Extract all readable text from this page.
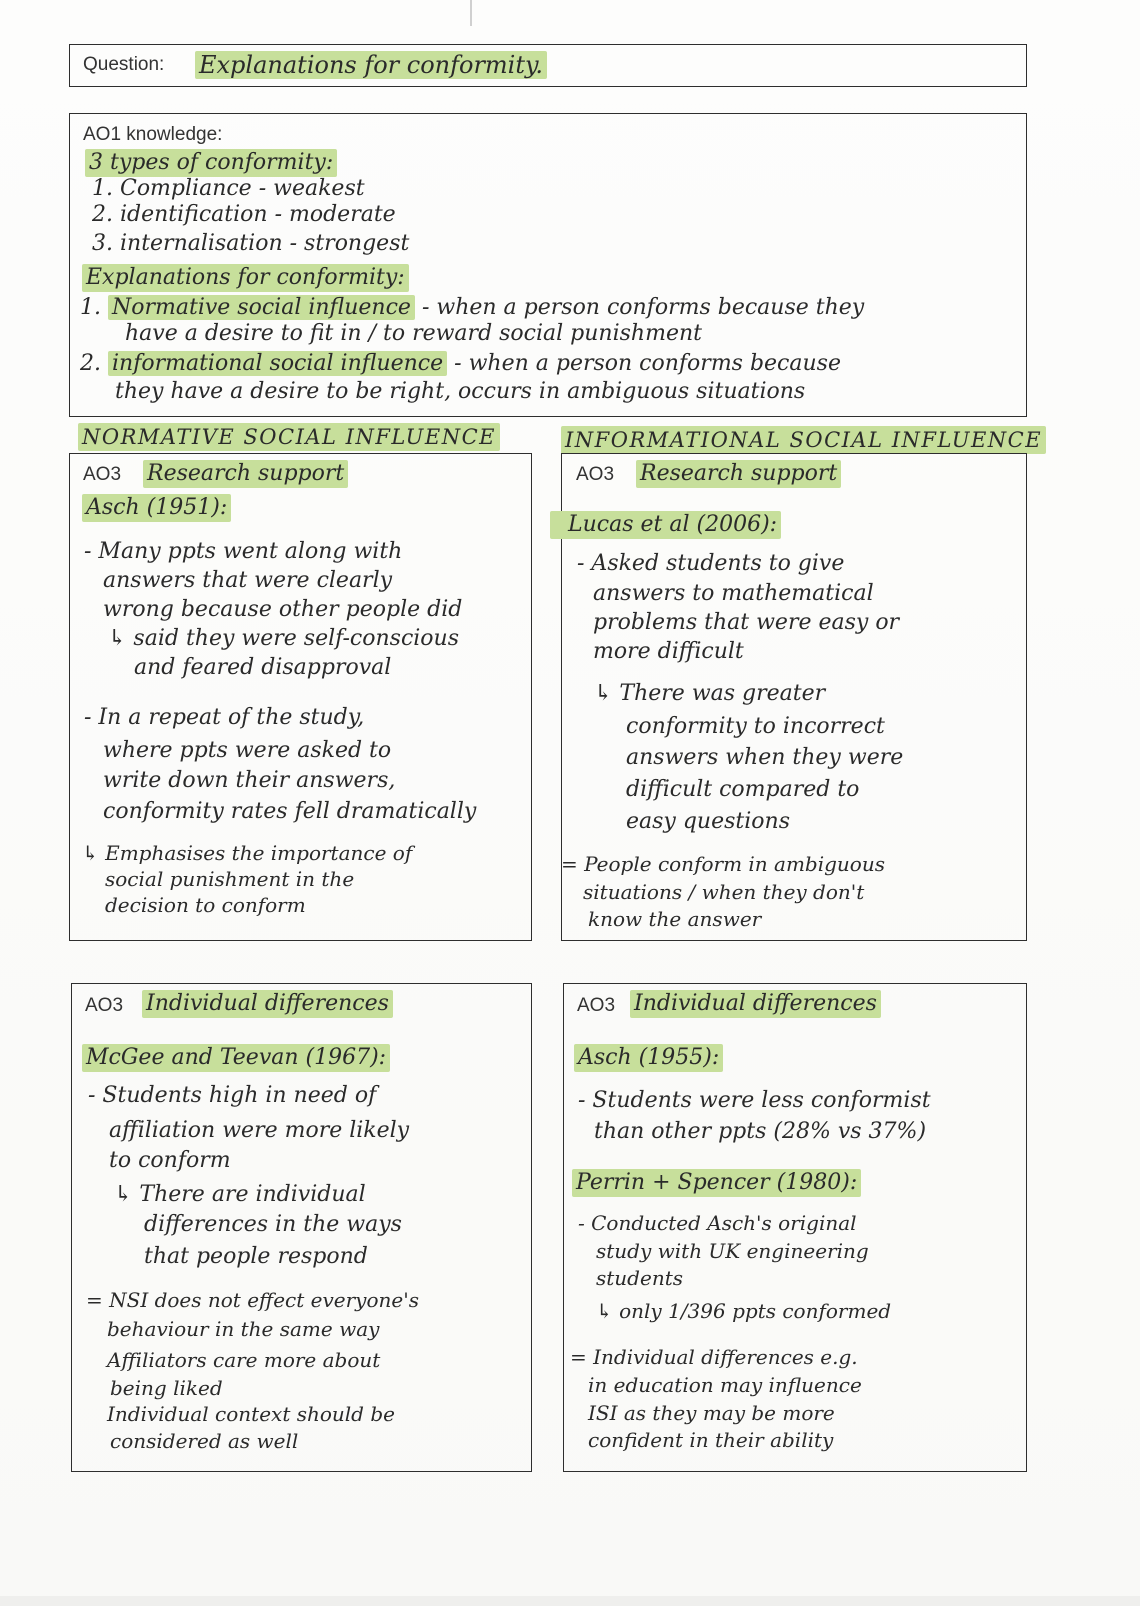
Question: Explanations for conformity.
AO1 knowledge:
3 types of conformity:
1. Compliance - weakest
2. identification - moderate
3. internalisation - strongest
Explanations for conformity:
1. Normative social influence - when a person conforms because they
have a desire to fit in / to reward social punishment
2. informational social influence - when a person conforms because
they have a desire to be right, occurs in ambiguous situations
NORMATIVE SOCIAL INFLUENCE	INFORMATIONAL SOCIAL INFLUENCE
AO3 Research support
Asch (1951):
- Many ppts went along with
answers that were clearly
wrong because other people did
↳ said they were self-conscious
and feared disapproval
- In a repeat of the study,
where ppts were asked to
write down their answers,
conformity rates fell dramatically
↳ Emphasises the importance of
social punishment in the
decision to conform
AO3 Research support
Lucas et al (2006):
- Asked students to give
answers to mathematical
problems that were easy or
more difficult
↳ There was greater
conformity to incorrect
answers when they were
difficult compared to
easy questions
= People conform in ambiguous
situations / when they don't
know the answer
AO3 Individual differences
McGee and Teevan (1967):
- Students high in need of
affiliation were more likely
to conform
↳ There are individual
differences in the ways
that people respond
= NSI does not effect everyone's
behaviour in the same way
Affiliators care more about
being liked
Individual context should be
considered as well
AO3 Individual differences
Asch (1955):
- Students were less conformist
than other ppts (28% vs 37%)
Perrin + Spencer (1980):
- Conducted Asch's original
study with UK engineering
students
↳ only 1/396 ppts conformed
= Individual differences e.g.
in education may influence
ISI as they may be more
confident in their ability
